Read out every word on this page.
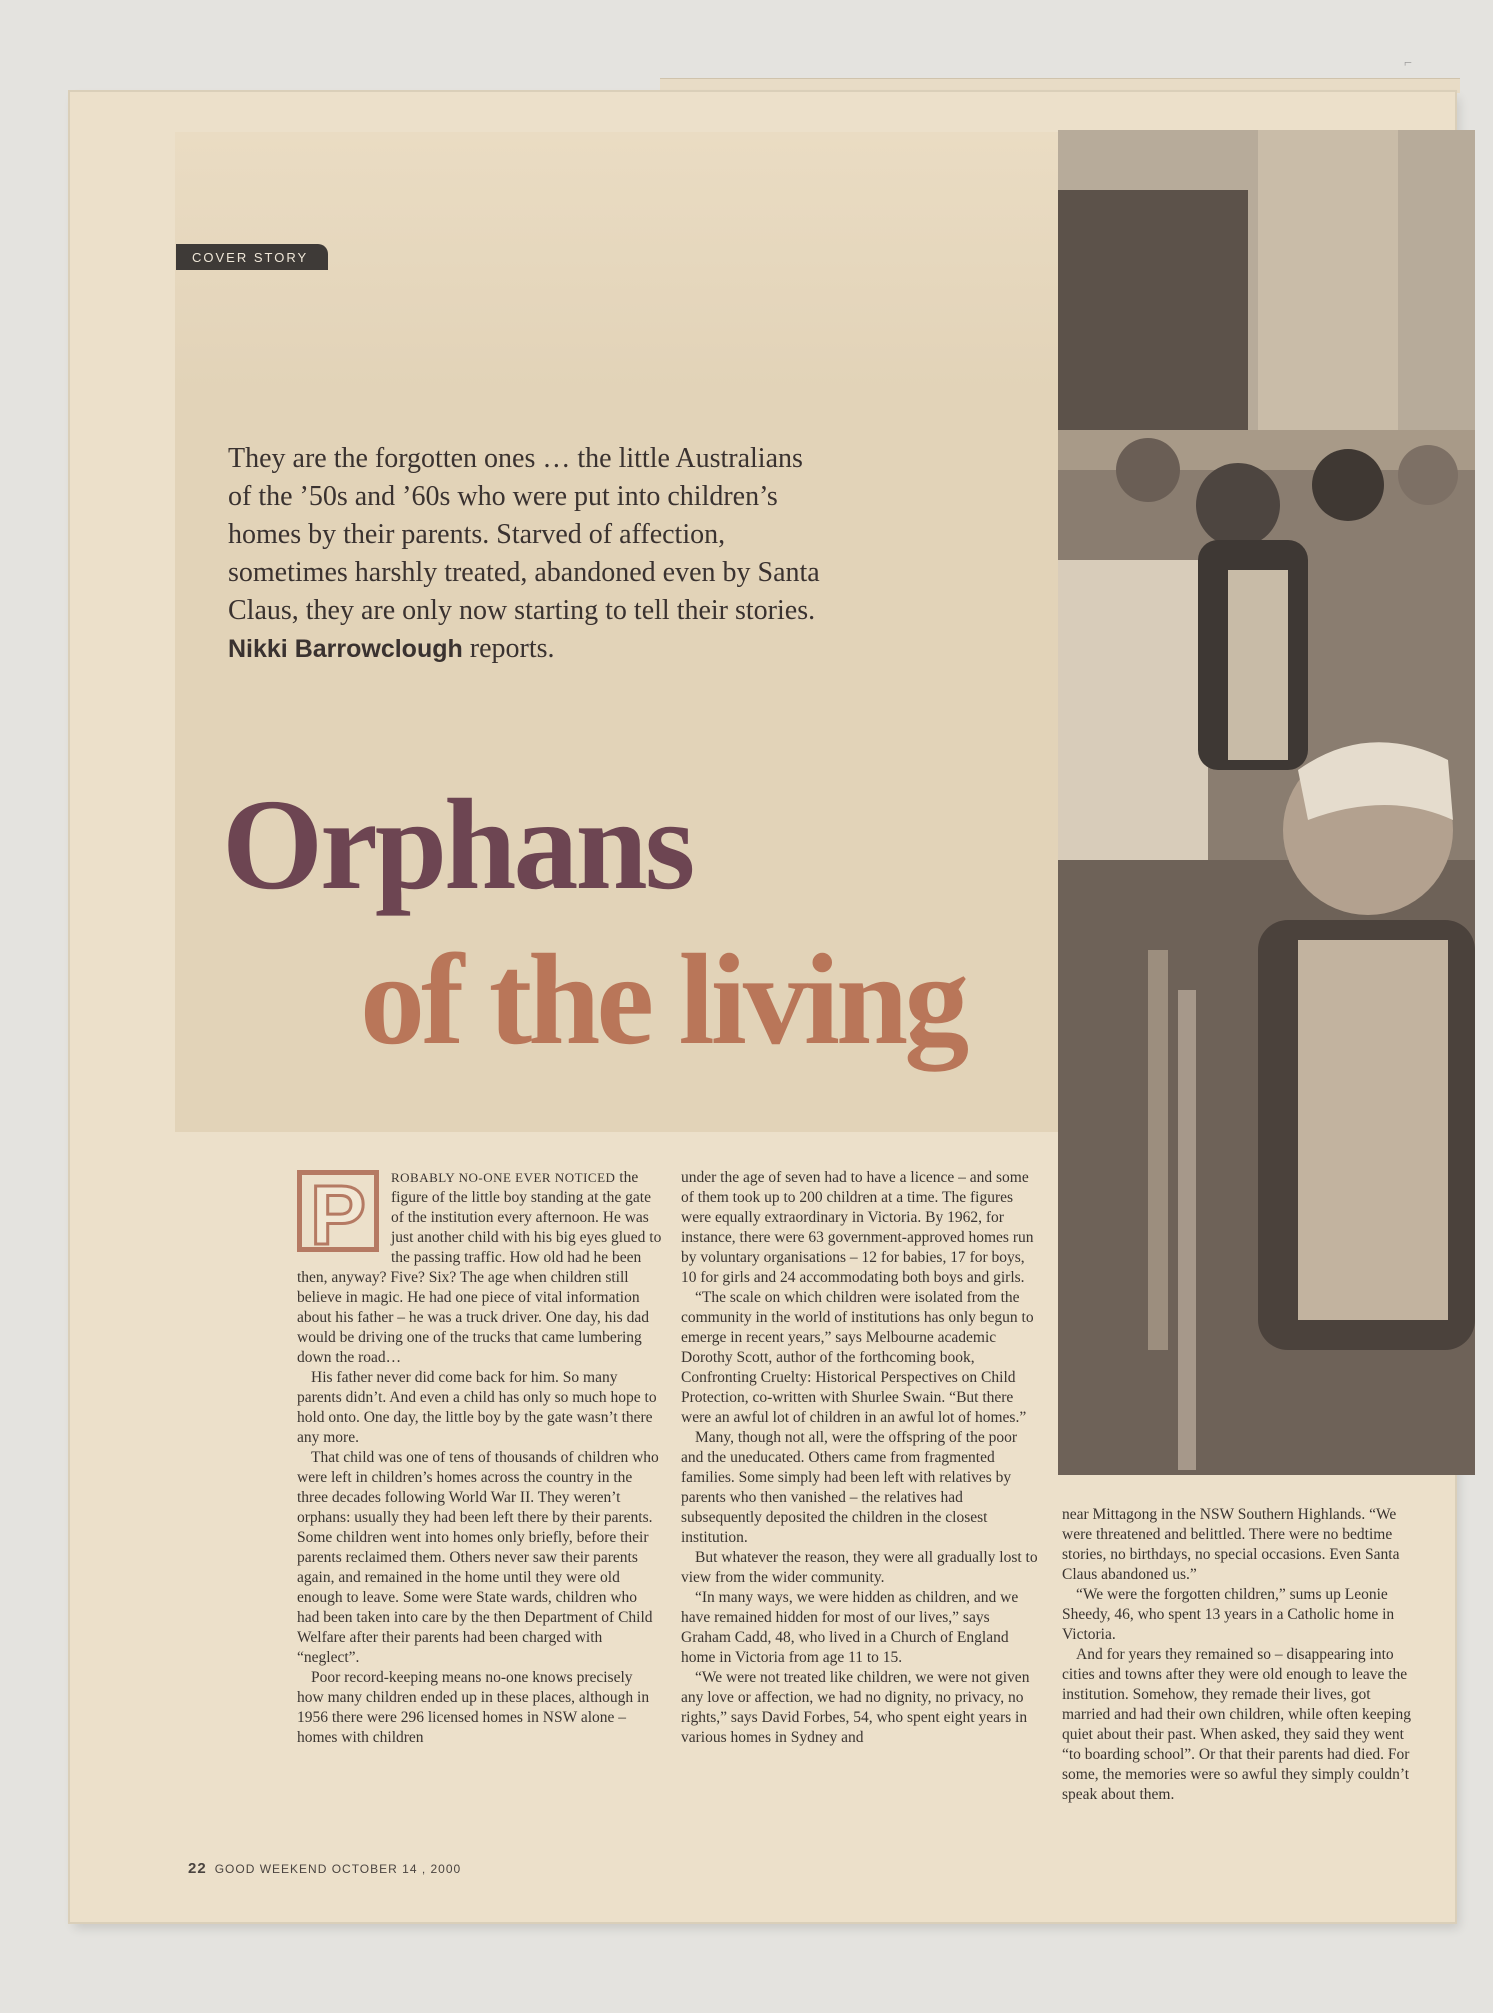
⌐
COVER STORY

They are the forgotten ones … the little Australians of the ’50s and ’60s who were put into children’s homes by their parents. Starved of affection, sometimes harshly treated, abandoned even by Santa Claus, they are only now starting to tell their stories. Nikki Barrowclough reports.

Orphans
of the living

P	ROBABLY NO-ONE EVER NOTICED the figure of the little boy standing at the gate of the institution every afternoon. He was just another child with his big eyes glued to the passing traffic. How old had he been then, anyway? Five? Six? The age when children still believe in magic. He had one piece of vital information about his father – he was a truck driver. One day, his dad would be driving one of the trucks that came lumbering down the road…

His father never did come back for him. So many parents didn’t. And even a child has only so much hope to hold onto. One day, the little boy by the gate wasn’t there any more.

That child was one of tens of thousands of children who were left in children’s homes across the country in the three decades following World War II. They weren’t orphans: usually they had been left there by their parents. Some children went into homes only briefly, before their parents reclaimed them. Others never saw their parents again, and remained in the home until they were old enough to leave. Some were State wards, children who had been taken into care by the then Department of Child Welfare after their parents had been charged with “neglect”.

Poor record-keeping means no-one knows precisely how many children ended up in these places, although in 1956 there were 296 licensed homes in NSW alone – homes with children

under the age of seven had to have a licence – and some of them took up to 200 children at a time. The figures were equally extraordinary in Victoria. By 1962, for instance, there were 63 government-approved homes run by voluntary organisations – 12 for babies, 17 for boys, 10 for girls and 24 accommodating both boys and girls.

“The scale on which children were isolated from the community in the world of institutions has only begun to emerge in recent years,” says Melbourne academic Dorothy Scott, author of the forthcoming book, Confronting Cruelty: Historical Perspectives on Child Protection, co-written with Shurlee Swain. “But there were an awful lot of children in an awful lot of homes.”

Many, though not all, were the offspring of the poor and the uneducated. Others came from fragmented families. Some simply had been left with relatives by parents who then vanished – the relatives had subsequently deposited the children in the closest institution.

But whatever the reason, they were all gradually lost to view from the wider community.

“In many ways, we were hidden as children, and we have remained hidden for most of our lives,” says Graham Cadd, 48, who lived in a Church of England home in Victoria from age 11 to 15.

“We were not treated like children, we were not given any love or affection, we had no dignity, no privacy, no rights,” says David Forbes, 54, who spent eight years in various homes in Sydney and

near Mittagong in the NSW Southern Highlands. “We were threatened and belittled. There were no bedtime stories, no birthdays, no special occasions. Even Santa Claus abandoned us.”

“We were the forgotten children,” sums up Leonie Sheedy, 46, who spent 13 years in a Catholic home in Victoria.

And for years they remained so – disappearing into cities and towns after they were old enough to leave the institution. Somehow, they remade their lives, got married and had their own children, while often keeping quiet about their past. When asked, they said they went “to boarding school”. Or that their parents had died. For some, the memories were so awful they simply couldn’t speak about them.

22 GOOD WEEKEND OCTOBER 14 , 2000
